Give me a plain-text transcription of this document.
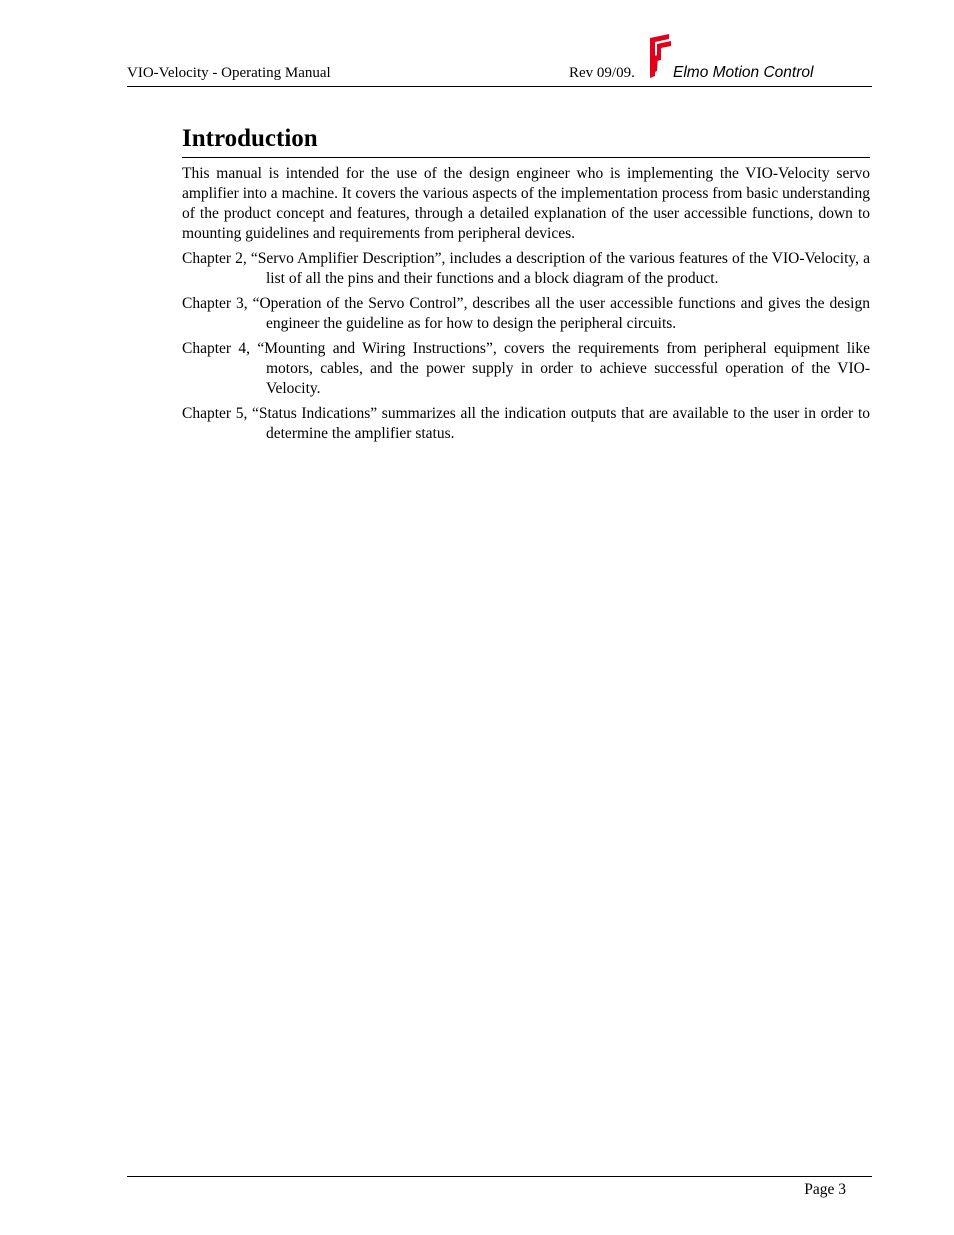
VIO-Velocity - Operating Manual	Rev 09/09. Elmo Motion Control
Introduction

This manual is intended for the use of the design engineer who is implementing the VIO-Velocity servo amplifier into a machine. It covers the various aspects of the implementation process from basic understanding of the product concept and features, through a detailed explanation of the user accessible functions, down to mounting guidelines and requirements from peripheral devices.

Chapter 2, “Servo Amplifier Description”, includes a description of the various features of the VIO-Velocity, a list of all the pins and their functions and a block diagram of the product.

Chapter 3, “Operation of the Servo Control”, describes all the user accessible functions and gives the design engineer the guideline as for how to design the peripheral circuits.

Chapter 4, “Mounting and Wiring Instructions”, covers the requirements from peripheral equipment like motors, cables, and the power supply in order to achieve successful operation of the VIO-Velocity.

Chapter 5, “Status Indications” summarizes all the indication outputs that are available to the user in order to determine the amplifier status.

Page 3
